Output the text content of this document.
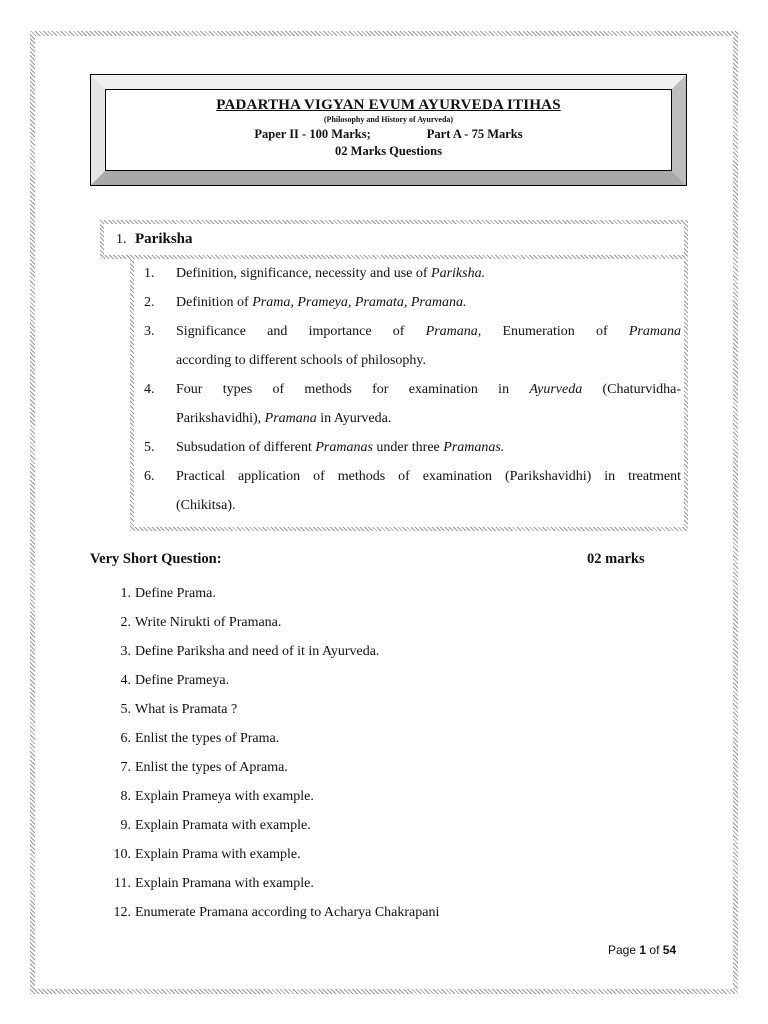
PADARTHA VIGYAN EVUM AYURVEDA ITIHAS
(Philosophy and History of Ayurveda)
Paper II - 100 Marks;	Part A - 75 Marks
02 Marks Questions
1. Pariksha
1.	Definition, significance, necessity and use of Pariksha.
2.	Definition of Prama, Prameya, Pramata, Pramana.
3.	Significance and importance of Pramana, Enumeration of Pramana
according to different schools of philosophy.
4.	Four types of methods for examination in Ayurveda (Chaturvidha-
Parikshavidhi), Pramana in Ayurveda.
5.	Subsudation of different Pramanas under three Pramanas.
6.	Practical application of methods of examination (Parikshavidhi) in treatment
(Chikitsa).
Very Short Question:	02 marks
1. Define Prama.
2. Write Nirukti of Pramana.
3. Define Pariksha and need of it in Ayurveda.
4. Define Prameya.
5. What is Pramata ?
6. Enlist the types of Prama.
7. Enlist the types of Aprama.
8. Explain Prameya with example.
9. Explain Pramata with example.
10. Explain Prama with example.
11. Explain Pramana with example.
12. Enumerate Pramana according to Acharya Chakrapani
Page 1 of 54
